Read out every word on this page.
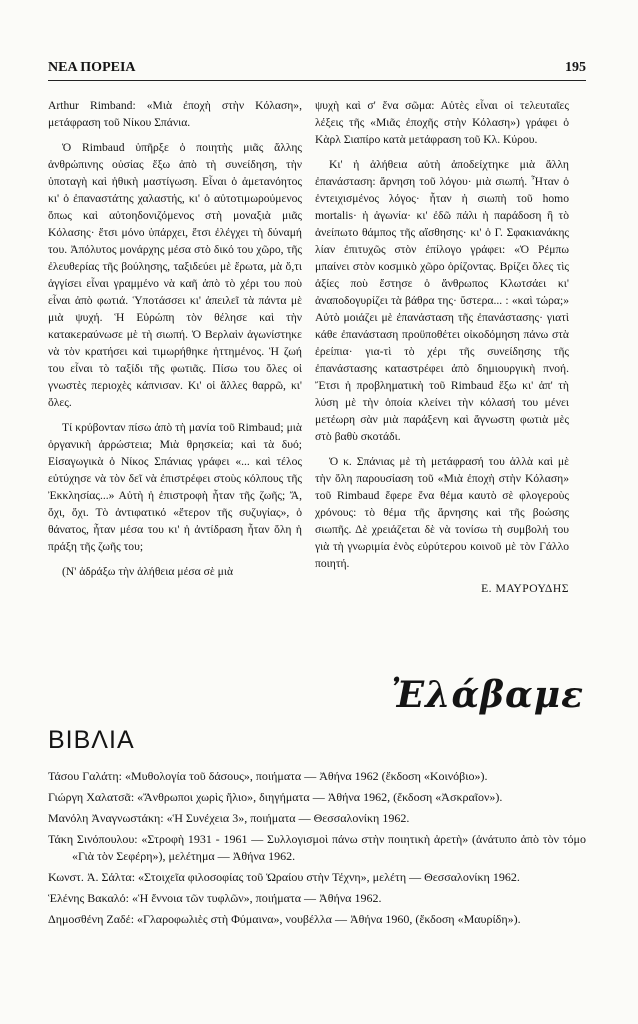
ΝΕΑ ΠΟΡΕΙΑ	195

Arthur Rimband: «Μιὰ ἐποχὴ στὴν Κόλαση», μετάφραση τοῦ Νίκου Σπάνια.

Ὁ Rimbaud ὑπῆρξε ὁ ποιητὴς μιᾶς ἄλλης ἀνθρώπινης οὐσίας ἔξω ἀπὸ τὴ συνείδηση, τὴν ὑποταγὴ καὶ ἠθικὴ μαστίγωση. Εἶναι ὁ ἀμετανόητος κι' ὁ ἐπαναστάτης χαλαστής, κι' ὁ αὐτοτιμωρούμενος ὅπως καὶ αὐτοηδονιζόμενος στὴ μοναξιὰ μιᾶς Κόλασης· ἔτσι μόνο ὑπάρχει, ἔτσι ἐλέγχει τὴ δύναμή του. Ἀπόλυτος μονάρχης μέσα στὸ δικό του χῶρο, τῆς ἐλευθερίας τῆς βούλησης, ταξιδεύει μὲ ἔρωτα, μὰ ὅ,τι ἀγγίσει εἶναι γραμμένο νὰ καῆ ἀπὸ τὸ χέρι του ποὺ εἶναι ἀπὸ φωτιά. Ὑποτάσσει κι' ἀπειλεῖ τὰ πάντα μὲ μιὰ ψυχή. Ἡ Εὐρώπη τὸν θέλησε καὶ τὴν κατακεραύνωσε μὲ τὴ σιωπή. Ὁ Βερλαὶν ἀγωνίστηκε νὰ τὸν κρατήσει καὶ τιμωρήθηκε ἡττημένος. Ἡ ζωή του εἶναι τὸ ταξίδι τῆς φωτιᾶς. Πίσω του ὅλες οἱ γνωστὲς περιοχὲς κάπνισαν. Κι' οἱ ἄλλες θαρρῶ, κι' ὅλες.

Τί κρύβονταν πίσω ἀπὸ τὴ μανία τοῦ Rimbaud; μιὰ ὀργανικὴ ἀρρώστεια; Μιὰ θρησκεία; καὶ τὰ δυό; Εἰσαγωγικὰ ὁ Νίκος Σπάνιας γράφει «... καὶ τέλος εὐτύχησε νὰ τὸν δεῖ νὰ ἐπιστρέφει στοὺς κόλπους τῆς Ἐκκλησίας...» Αὐτὴ ἡ ἐπιστροφὴ ἦταν τῆς ζωῆς; Ἄ, ὄχι, ὄχι. Τὸ ἀντιφατικό «ἕτερον τῆς συζυγίας», ὁ θάνατος, ἦταν μέσα του κι' ἡ ἀντίδραση ἦταν ὅλη ἡ πράξη τῆς ζωῆς του;

(Ν' ἀδράξω τὴν ἀλήθεια μέσα σὲ μιὰ

ψυχὴ καὶ σ' ἕνα σῶμα: Αὐτὲς εἶναι οἱ τελευταῖες λέξεις τῆς «Μιᾶς ἐποχῆς στὴν Κόλαση») γράφει ὁ Κὰρλ Σιαπίρο κατὰ μετάφραση τοῦ Κλ. Κύρου.

Κι' ἡ ἀλήθεια αὐτὴ ἀποδείχτηκε μιὰ ἄλλη ἐπανάσταση: ἄρνηση τοῦ λόγου· μιὰ σιωπή. Ἦταν ὁ ἐντειχισμένος λόγος· ἦταν ἡ σιωπὴ τοῦ homo mortalis· ἡ ἀγωνία· κι' ἐδῶ πάλι ἡ παράδοση ἢ τὸ ἀνείπωτο θάμπος τῆς αἴσθησης· κι' ὁ Γ. Σφακιανάκης λίαν ἐπιτυχῶς στὸν ἐπίλογο γράφει: «Ὁ Ρέμπω μπαίνει στὸν κοσμικὸ χῶρο ὁρίζοντας. Βρίζει ὅλες τὶς ἀξίες ποὺ ἔστησε ὁ ἄνθρωπος Κλωτσάει κι' ἀναποδογυρίζει τὰ βάθρα της· ὕστερα... : «καὶ τώρα;» Αὐτὸ μοιάζει μὲ ἐπανάσταση τῆς ἐπανάστασης· γιατὶ κάθε ἐπανάσταση προϋποθέτει οἰκοδόμηση πάνω στὰ ἐρείπια· για-τὶ τὸ χέρι τῆς συνείδησης τῆς ἐπανάστασης καταστρέφει ἀπὸ δημιουργικὴ πνοή. Ἔτσι ἡ προβληματικὴ τοῦ Rimbaud ἔξω κι' ἀπ' τὴ λύση μὲ τὴν ὁποία κλείνει τὴν κόλασή του μένει μετέωρη σὰν μιὰ παράξενη καὶ ἄγνωστη φωτιὰ μὲς στὸ βαθὺ σκοτάδι.

Ὁ κ. Σπάνιας μὲ τὴ μετάφρασή του ἀλλὰ καὶ μὲ τὴν ὅλη παρουσίαση τοῦ «Μιὰ ἐποχὴ στὴν Κόλαση» τοῦ Rimbaud ἔφερε ἕνα θέμα καυτὸ σὲ φλογεροὺς χρόνους: τὸ θέμα τῆς ἄρνησης καὶ τῆς βοώσης σιωπῆς. Δὲ χρειάζεται δὲ νὰ τονίσω τὴ συμβολή του γιὰ τὴ γνωριμία ἑνὸς εὐρύτερου κοινοῦ μὲ τὸν Γάλλο ποιητή.

Ε. ΜΑΥΡΟΥΔΗΣ
Ἐλάβαμε
ΒΙΒΛΙΑ

Τάσου Γαλάτη: «Μυθολογία τοῦ δάσους», ποιήματα — Ἀθήνα 1962 (ἔκδοση «Κοινόβιο»).

Γιώργη Χαλατσᾶ: «Ἄνθρωποι χωρὶς ἥλιο», διηγήματα — Ἀθήνα 1962, (ἔκδοση «Ἀσκραῖον»).

Μανόλη Ἀναγνωστάκη: «Ἡ Συνέχεια 3», ποιήματα — Θεσσαλονίκη 1962.

Τάκη Σινόπουλου: «Στροφὴ 1931 - 1961 — Συλλογισμοὶ πάνω στὴν ποιητικὴ ἀρετὴ» (ἀνάτυπο ἀπὸ τὸν τόμο «Γιὰ τὸν Σεφέρη»), μελέτημα — Ἀθήνα 1962.

Κωνστ. Ἀ. Σάλτα: «Στοιχεῖα φιλοσοφίας τοῦ Ὡραίου στὴν Τέχνη», μελέτη — Θεσσαλονίκη 1962.

Ἑλένης Βακαλό: «Ἡ ἔννοια τῶν τυφλῶν», ποιήματα — Ἀθήνα 1962.

Δημοσθένη Ζαδέ: «Γλαροφωλιὲς στὴ Φύμαινα», νουβέλλα — Ἀθήνα 1960, (ἔκδοση «Μαυρίδη»).
